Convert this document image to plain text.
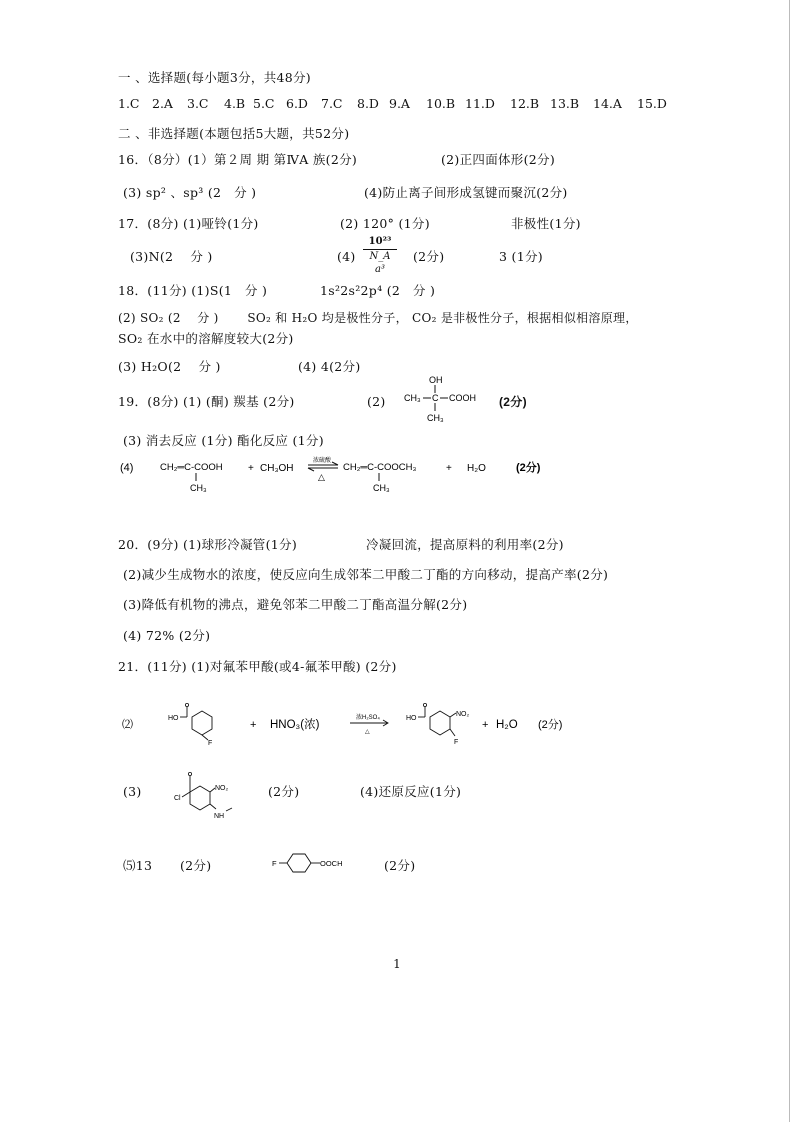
一 、选择题(每小题3分，共48分)
1.C 2.A 3.C 4.B 5.C 6.D 7.C 8.D 9.A 10.B 11.D 12.B 13.B 14.A 15.D
二 、非选择题(本题包括5大题，共52分)
16．（8分）(1）第２周 期 第ⅣA 族(2分)	(2)正四面体形(2分)
(3) sp² 、sp³ (2　分 )	(4)防止离子间形成氢键而聚沉(2分)
17．(8分) (1)哑铃(1分)	(2) 120° (1分)	非极性(1分)
(3)N(2　 分 )	$(4) \frac{\text{10²³}}{\text{N\_A a³}} (2$分)	3 (1分)
18．(11分) (1)S(1　分 )	1s²2s²2p⁴ (2　分 )
(2) SO₂ (2　 分 )　　 SO₂ 和 H₂O 均是极性分子， CO₂ 是非极性分子，根据相似相溶原理，
SO₂ 在水中的溶解度较大(2分)
(3) H₂O(2　 分 )	(4) 4(2分)
19．(8分) (1) (酮) 羰基 (2分)	(2)
OH
CH₃ C COOH
CH₃
(2分)
(3) 消去反应 (1分) 酯化反应 (1分)
(4)	CH₂═C-COOH
CH₃
+ CH₃OH
浓硫酸
△
CH₂═C-COOCH₃
CH₃
+ H₂O	(2分)
20．(9分) (1)球形冷凝管(1分)	冷凝回流，提高原料的利用率(2分)
(2)减少生成物水的浓度，使反应向生成邻苯二甲酸二丁酯的方向移动，提高产率(2分)
(3)降低有机物的沸点，避免邻苯二甲酸二丁酯高温分解(2分)
(4) 72% (2分)
21．(11分) (1)对氟苯甲酸(或4-氟苯甲酸) (2分)
⑵
HO
F
+ HNO₃(浓)
浓H₂SO₄
△
HO
NO₂
F
+ H₂O (2分)
(3)	Cl
NO₂
NH
(2分)	(4)还原反应(1分)
⑸13 (2分)	F	OOCH	(2分)
1
